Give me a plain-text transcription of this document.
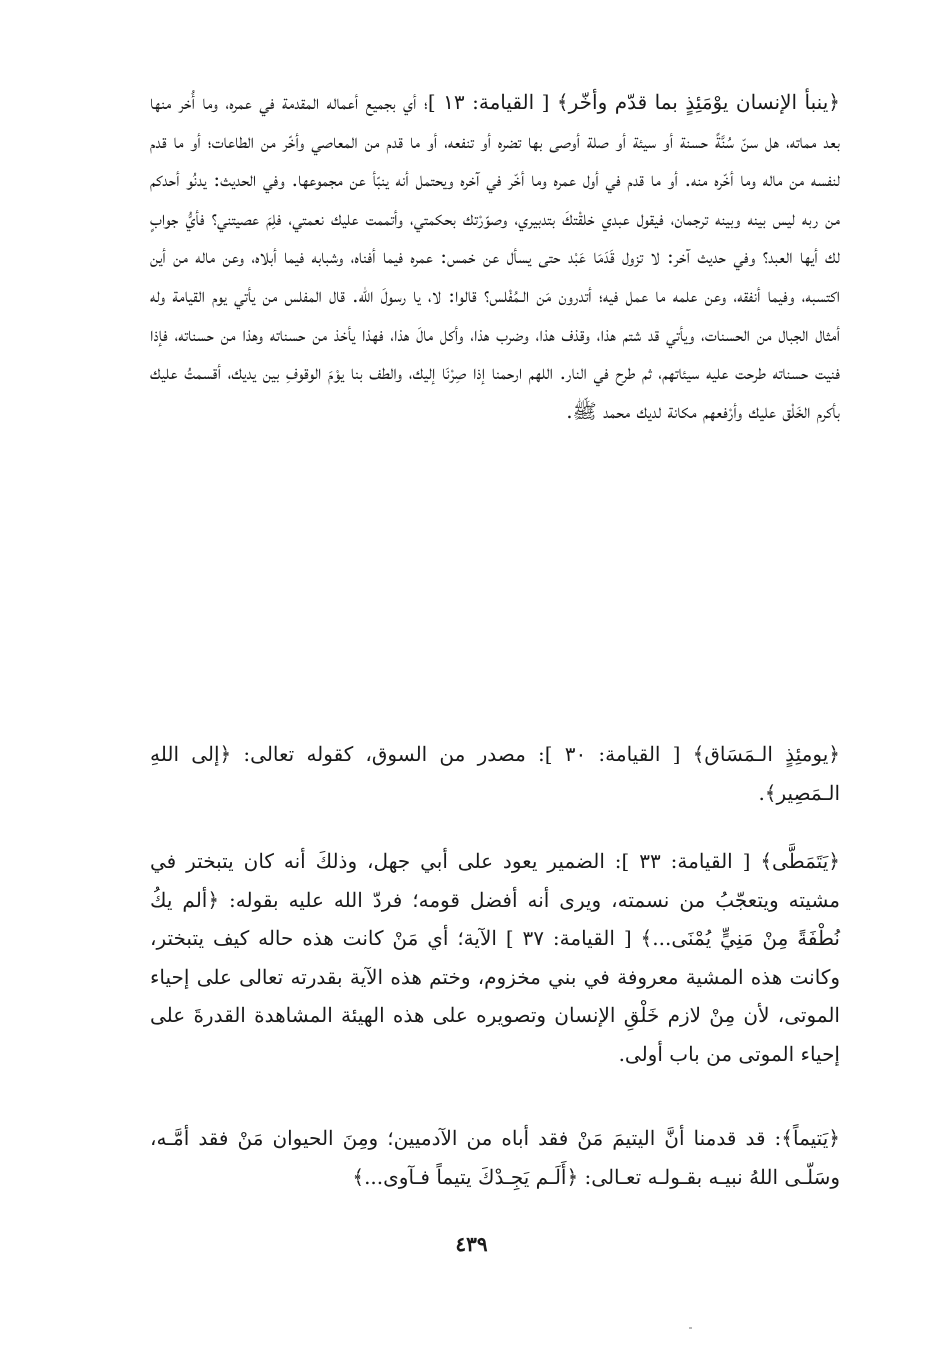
﴿ينبأ الإنسان يوْمَئِذٍ بما قدّم وأخّر﴾ [ القيامة: ١٣ ]؛ أي بجميع أعماله المقدمة في عمره، وما أُخر منها بعد مماته، هل سنّ سُنَّةً حسنة أو سيئة أو صلة أوصى بها تضره أو تنفعه، أو ما قدم من المعاصي وأخّر من الطاعات؛ أو ما قدم لنفسه من ماله وما أخّره منه. أو ما قدم في أول عمره وما أخّر في آخره ويحتمل أنه ينبّأ عن مجموعها. وفي الحديث: يدنُو أحدكم من ربه ليس بينه وبينه ترجمان، فيقول عبدي خلقْتكَ بتدبيري، وصوّرْتك بحكمتي، وأتممت عليك نعمتي، فلِمَ عصيتني؟ فأيُّ جوابٍ لك أيها العبد؟ وفي حديث آخر: لا تزول قَدَمَا عَبْد حتى يسأل عن خمس: عمره فيما أفناه، وشبابه فيما أبلاه، وعن ماله من أين اكتسبه، وفيما أنفقه، وعن علمه ما عمل فيه؛ أتدرون مَن الـمُفْلس؟ قالوا: لا، يا رسولَ الله. قال المفلس من يأتي يوم القيامة وله أمثال الجبال من الحسنات، ويأتي قد شتم هذا، وقذف هذا، وضرب هذا، وأكل مالَ هذا، فهذا يأخذ من حسناته وهذا من حسناته، فإذا فنيت حسناته طرحت عليه سيئاتهم، ثم طرح في النار. اللهم ارحمنا إذا صِرْنَا إليك، والطف بنا يوْمَ الوقوفِ بين يديك، أقسمتُ عليك بأكرم الخَلْق عليك وأرْفعهم مكانة لديك محمد ﷺ.

﴿يومئِذٍ الـمَسَاق﴾ [ القيامة: ٣٠ ]: مصدر من السوق، كقوله تعالى: ﴿إلى اللهِ الـمَصِير﴾.

﴿يَتَمَطَّى﴾ [ القيامة: ٣٣ ]: الضمير يعود على أبي جهل، وذلكَ أنه كان يتبختر في مشيته ويتعجّبُ من نسمته، ويرى أنه أفضل قومه؛ فردّ الله عليه بقوله: ﴿ألم يكُ نُطْفَةً مِنْ مَنِيٍّ يُمْنَى...﴾ [ القيامة: ٣٧ ] الآية؛ أي مَنْ كانت هذه حاله كيف يتبختر، وكانت هذه المشية معروفة في بني مخزوم، وختم هذه الآية بقدرته تعالى على إحياء الموتى، لأن مِنْ لازم خَلْقِ الإنسان وتصويره على هذه الهيئة المشاهدة القدرةَ على إحياء الموتى من باب أولى.

﴿يَتيماً﴾: قد قدمنا أنَّ اليتيمَ مَنْ فقد أباه من الآدميين؛ ومِنَ الحيوان مَنْ فقد أمَّـه، وسَلّـى اللهُ نبيـه بقـولـه تعـالى: ﴿أَلَـم يَجِـدْكَ يتيماً فـآوى...﴾

٤٣٩
